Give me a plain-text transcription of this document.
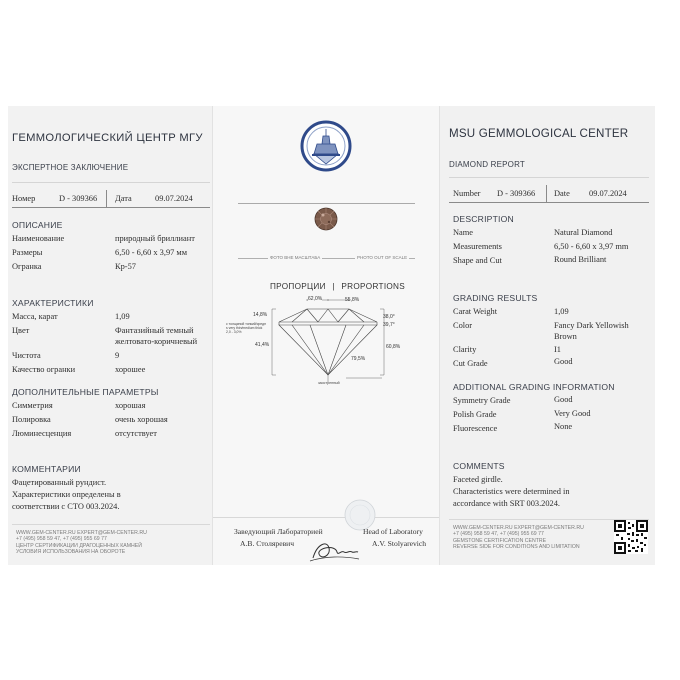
ГЕММОЛОГИЧЕСКИЙ ЦЕНТР МГУ
ЭКСПЕРТНОЕ ЗАКЛЮЧЕНИЕ
Номер	D - 309366 Дата	09.07.2024
ОПИСАНИЕ
Наименование	природный бриллиант
Размеры	6,50 - 6,60 x 3,97 мм
Огранка	Кр-57
ХАРАКТЕРИСТИКИ
Масса, карат	1,09
Цвет	Фантазийный темный
желтовато-коричневый
Чистота	9
Качество огранки	хорошее
ДОПОЛНИТЕЛЬНЫЕ ПАРАМЕТРЫ
Симметрия	хорошая
Полировка	очень хорошая
Люминесценция	отсутствует
КОММЕНТАРИИ
Фацетированный рундист.
Характеристики определены в
соответствии с СТО 003.2024.
WWW.GEM-CENTER.RU EXPERT@GEM-CENTER.RU
+7 (495) 958 59 47, +7 (495) 955 69 77
ЦЕНТР СЕРТИФИКАЦИИ ДРАГОЦЕННЫХ КАМНЕЙ
УСЛОВИЯ ИСПОЛЬЗОВАНИЯ НА ОБОРОТЕ
ФОТО ВНЕ МАСШТАБА	PHOTO OUT OF SCALE
ПРОПОРЦИИ | PROPORTIONS
62,0%	55,8%
14,8%	38,0°
39,7°
41,4%	60,8%
79,5%
с толщиной тонкий/средн
s very thin/medium thick
2,0 - 3,0%
заостренный
Заведующий Лабораторией
А.В. Столяревич
Head of Laboratory
A.V. Stolyarevich
MSU GEMMOLOGICAL CENTER
DIAMOND REPORT
Number D - 309366 Date 09.07.2024
DESCRIPTION
Name	Natural Diamond
Measurements	6,50 - 6,60 x 3,97 mm
Shape and Cut	Round Brilliant
GRADING RESULTS
Carat Weight	1,09
Color	Fancy Dark Yellowish
Brown
Clarity	I1
Cut Grade	Good
ADDITIONAL GRADING INFORMATION
Symmetry Grade	Good
Polish Grade	Very Good
Fluorescence	None
COMMENTS
Faceted girdle.
Characteristics were determined in
accordance with SRT 003.2024.
WWW.GEM-CENTER.RU EXPERT@GEM-CENTER.RU
+7 (495) 958 59 47, +7 (495) 955 69 77
GEMSTONE CERTIFICATION CENTRE
REVERSE SIDE FOR CONDITIONS AND LIMITATION
